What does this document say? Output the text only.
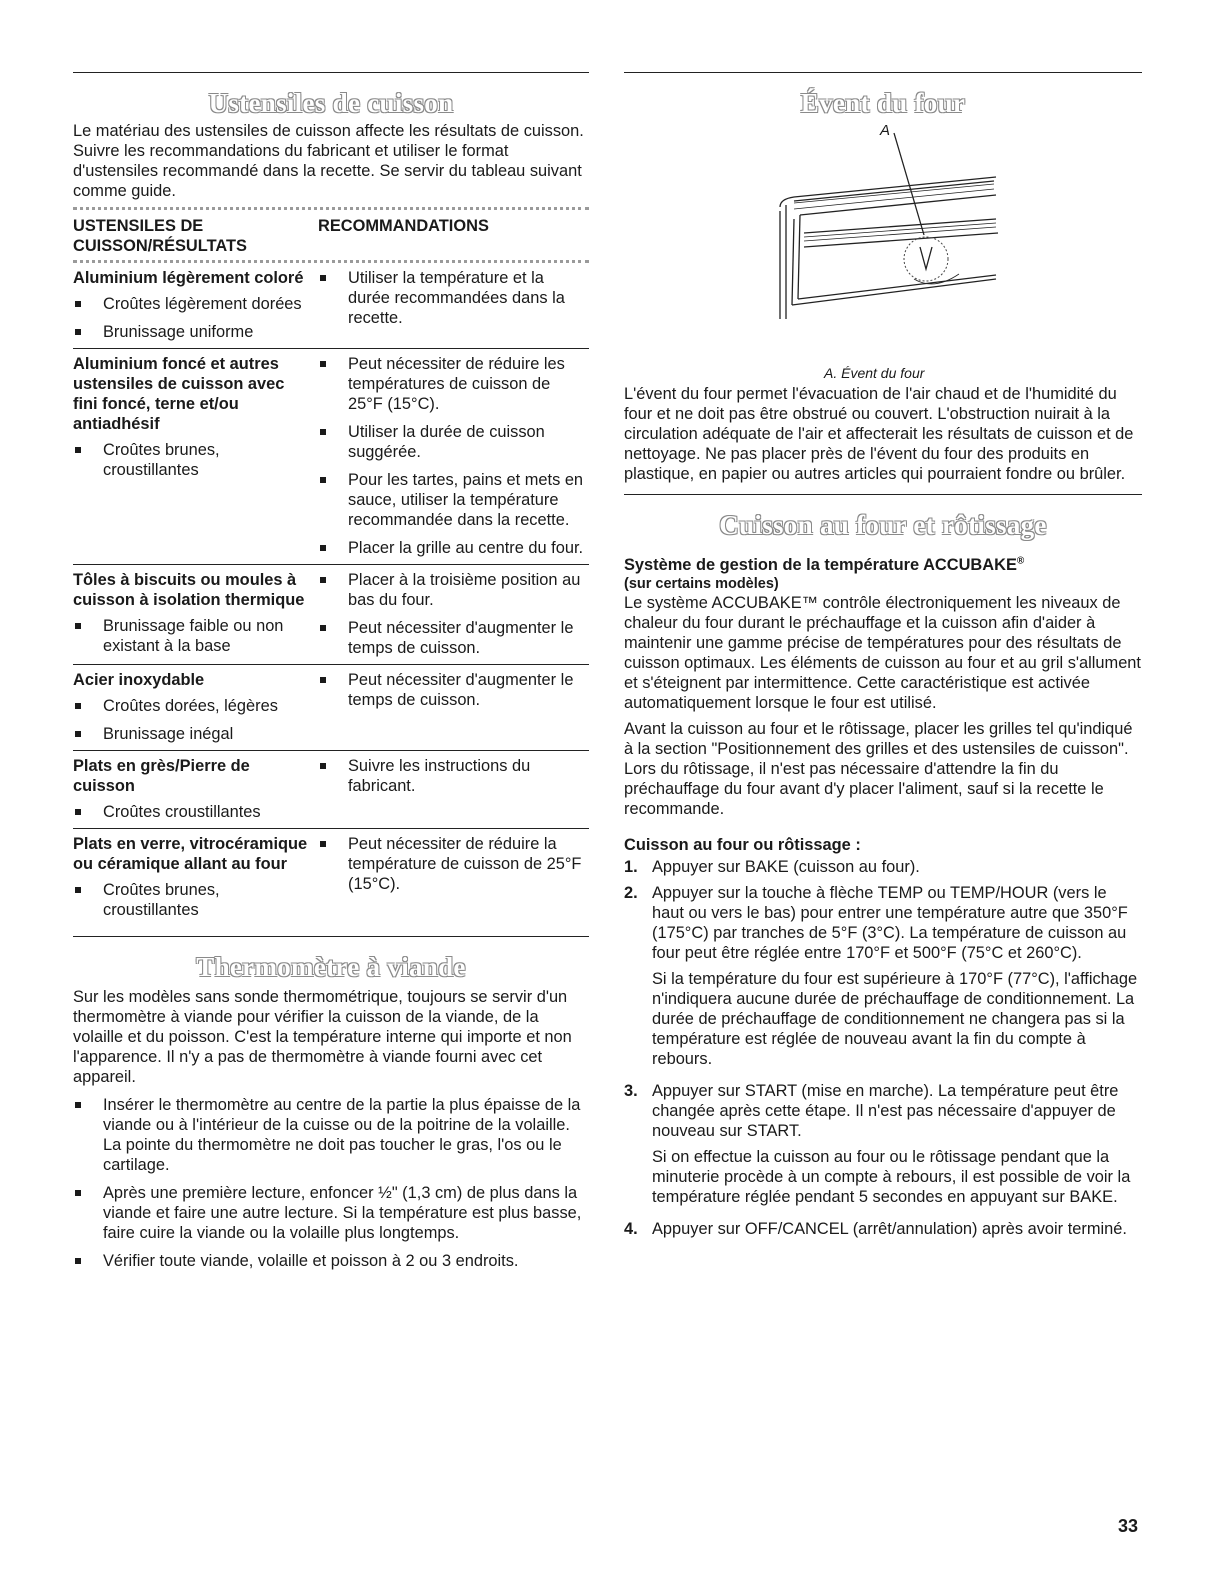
Ustensiles de cuisson

Le matériau des ustensiles de cuisson affecte les résultats de cuisson. Suivre les recommandations du fabricant et utiliser le format d'ustensiles recommandé dans la recette. Se servir du tableau suivant comme guide.

USTENSILES DE
CUISSON/RÉSULTATS
RECOMMANDATIONS
Aluminium légèrement coloré
Croûtes légèrement dorées
Brunissage uniforme
Utiliser la température et la durée recommandées dans la recette.
Aluminium foncé et autres ustensiles de cuisson avec fini foncé, terne et/ou antiadhésif
Croûtes brunes, croustillantes
Peut nécessiter de réduire les températures de cuisson de 25°F (15°C).
Utiliser la durée de cuisson suggérée.
Pour les tartes, pains et mets en sauce, utiliser la température recommandée dans la recette.
Placer la grille au centre du four.
Tôles à biscuits ou moules à cuisson à isolation thermique
Brunissage faible ou non existant à la base
Placer à la troisième position au bas du four.
Peut nécessiter d'augmenter le temps de cuisson.
Acier inoxydable
Croûtes dorées, légères
Brunissage inégal
Peut nécessiter d'augmenter le temps de cuisson.
Plats en grès/Pierre de cuisson
Croûtes croustillantes
Suivre les instructions du fabricant.
Plats en verre, vitrocéramique ou céramique allant au four
Croûtes brunes, croustillantes
Peut nécessiter de réduire la température de cuisson de 25°F (15°C).
Thermomètre à viande

Sur les modèles sans sonde thermométrique, toujours se servir d'un thermomètre à viande pour vérifier la cuisson de la viande, de la volaille et du poisson. C'est la température interne qui importe et non l'apparence. Il n'y a pas de thermomètre à viande fourni avec cet appareil.

Insérer le thermomètre au centre de la partie la plus épaisse de la viande ou à l'intérieur de la cuisse ou de la poitrine de la volaille. La pointe du thermomètre ne doit pas toucher le gras, l'os ou le cartilage.
Après une première lecture, enfoncer ½" (1,3 cm) de plus dans la viande et faire une autre lecture. Si la température est plus basse, faire cuire la viande ou la volaille plus longtemps.
Vérifier toute viande, volaille et poisson à 2 ou 3 endroits.
Évent du four
A
A. Évent du four

L'évent du four permet l'évacuation de l'air chaud et de l'humidité du four et ne doit pas être obstrué ou couvert. L'obstruction nuirait à la circulation adéquate de l'air et affecterait les résultats de cuisson et de nettoyage. Ne pas placer près de l'évent du four des produits en plastique, en papier ou autres articles qui pourraient fondre ou brûler.

Cuisson au four et rôtissage
Système de gestion de la température ACCUBAKE®
(sur certains modèles)

Le système ACCUBAKE™ contrôle électroniquement les niveaux de chaleur du four durant le préchauffage et la cuisson afin d'aider à maintenir une gamme précise de températures pour des résultats de cuisson optimaux. Les éléments de cuisson au four et au gril s'allument et s'éteignent par intermittence. Cette caractéristique est activée automatiquement lorsque le four est utilisé.

Avant la cuisson au four et le rôtissage, placer les grilles tel qu'indiqué à la section "Positionnement des grilles et des ustensiles de cuisson". Lors du rôtissage, il n'est pas nécessaire d'attendre la fin du préchauffage du four avant d'y placer l'aliment, sauf si la recette le recommande.

Cuisson au four ou rôtissage :
1. Appuyer sur BAKE (cuisson au four).

2. Appuyer sur la touche à flèche TEMP ou TEMP/HOUR (vers le haut ou vers le bas) pour entrer une température autre que 350°F (175°C) par tranches de 5°F (3°C). La température de cuisson au four peut être réglée entre 170°F et 500°F (75°C et 260°C).

Si la température du four est supérieure à 170°F (77°C), l'affichage n'indiquera aucune durée de préchauffage de conditionnement. La durée de préchauffage de conditionnement ne changera pas si la température est réglée de nouveau avant la fin du compte à rebours.

3. Appuyer sur START (mise en marche). La température peut être changée après cette étape. Il n'est pas nécessaire d'appuyer de nouveau sur START.

Si on effectue la cuisson au four ou le rôtissage pendant que la minuterie procède à un compte à rebours, il est possible de voir la température réglée pendant 5 secondes en appuyant sur BAKE.

4. Appuyer sur OFF/CANCEL (arrêt/annulation) après avoir terminé.

33
